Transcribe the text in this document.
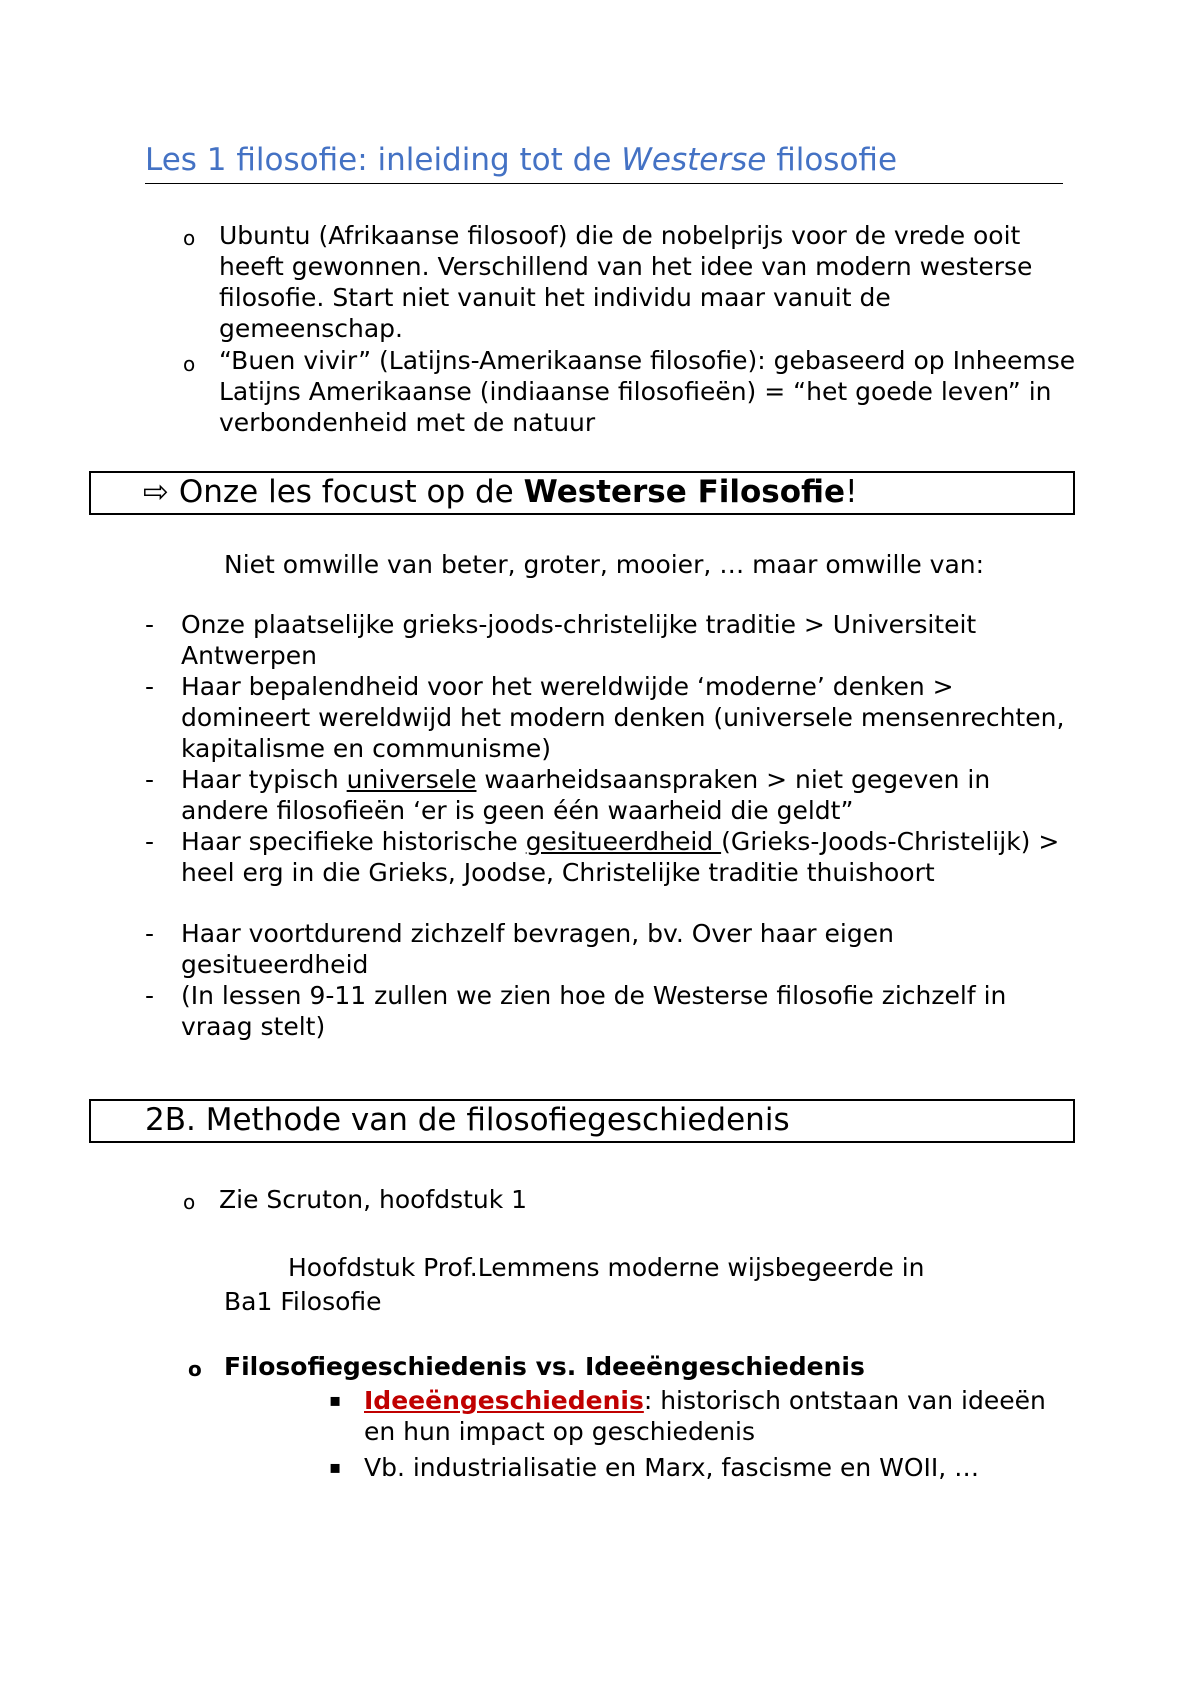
Les 1 filosofie: inleiding tot de Westerse filosofie
o Ubuntu (Afrikaanse filosoof) die de nobelprijs voor de vrede ooit heeft gewonnen. Verschillend van het idee van modern westerse filosofie. Start niet vanuit het individu maar vanuit de gemeenschap.
o “Buen vivir” (Latijns-Amerikaanse filosofie): gebaseerd op Inheemse Latijns Amerikaanse (indiaanse filosofieën) = “het goede leven” in verbondenheid met de natuur
⇨ Onze les focust op de Westerse Filosofie!
Niet omwille van beter, groter, mooier, … maar omwille van:
- Onze plaatselijke grieks-joods-christelijke traditie > Universiteit Antwerpen
- Haar bepalendheid voor het wereldwijde ‘moderne’ denken > domineert wereldwijd het modern denken (universele mensenrechten, kapitalisme en communisme)
- Haar typisch universele waarheidsaanspraken > niet gegeven in andere filosofieën ‘er is geen één waarheid die geldt”
- Haar specifieke historische gesitueerdheid (Grieks-Joods-Christelijk) > heel erg in die Grieks, Joodse, Christelijke traditie thuishoort
- Haar voortdurend zichzelf bevragen, bv. Over haar eigen gesitueerdheid
- (In lessen 9-11 zullen we zien hoe de Westerse filosofie zichzelf in vraag stelt)
2B. Methode van de filosofiegeschiedenis
o Zie Scruton, hoofdstuk 1
Hoofdstuk Prof.Lemmens moderne wijsbegeerde in
Ba1 Filosofie
o Filosofiegeschiedenis vs. Ideeëngeschiedenis
▪ Ideeëngeschiedenis: historisch ontstaan van ideeën en hun impact op geschiedenis
▪ Vb. industrialisatie en Marx, fascisme en WOII, …
